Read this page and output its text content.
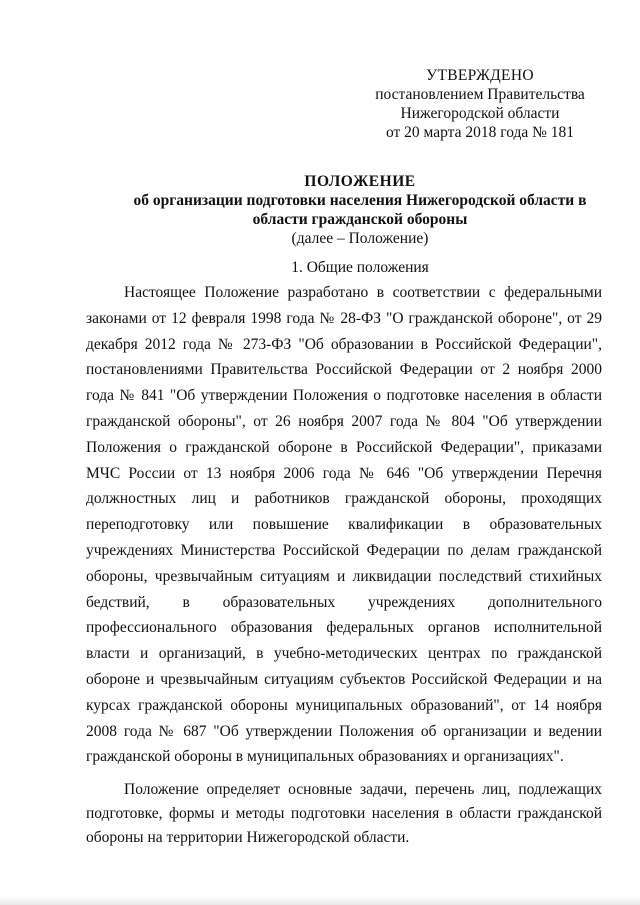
УТВЕРЖДЕНО
постановлением Правительства
Нижегородской области
от 20 марта 2018 года № 181
ПОЛОЖЕНИЕ
об организации подготовки населения Нижегородской области в
области гражданской обороны
(далее – Положение)
1. Общие положения

Настоящее Положение разработано в соответствии с федеральными законами от 12 февраля 1998 года № 28-ФЗ "О гражданской обороне", от 29 декабря 2012 года № 273-ФЗ "Об образовании в Российской Федерации", постановлениями Правительства Российской Федерации от 2 ноября 2000 года № 841 "Об утверждении Положения о подготовке населения в области гражданской обороны", от 26 ноября 2007 года № 804 "Об утверждении Положения о гражданской обороне в Российской Федерации", приказами МЧС России от 13 ноября 2006 года № 646 "Об утверждении Перечня должностных лиц и работников гражданской обороны, проходящих переподготовку или повышение квалификации в образовательных учреждениях Министерства Российской Федерации по делам гражданской обороны, чрезвычайным ситуациям и ликвидации последствий стихийных бедствий, в образовательных учреждениях дополнительного профессионального образования федеральных органов исполнительной власти и организаций, в учебно-методических центрах по гражданской обороне и чрезвычайным ситуациям субъектов Российской Федерации и на курсах гражданской обороны муниципальных образований", от 14 ноября 2008 года № 687 "Об утверждении Положения об организации и ведении гражданской обороны в муниципальных образованиях и организациях".

Положение определяет основные задачи, перечень лиц, подлежащих подготовке, формы и методы подготовки населения в области гражданской обороны на территории Нижегородской области.
